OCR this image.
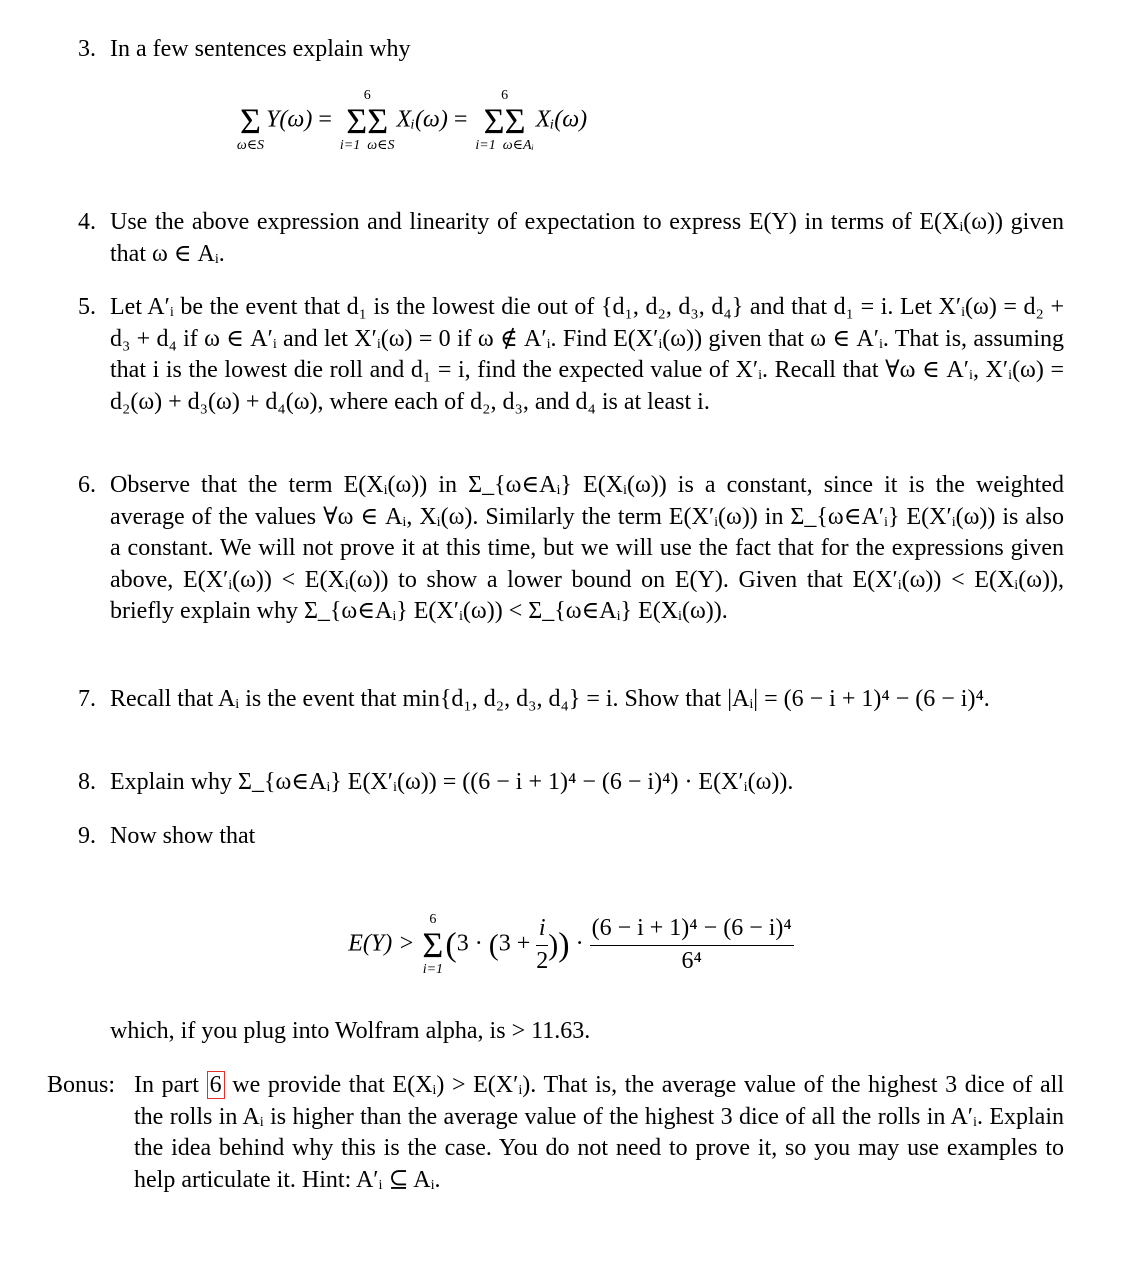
3. In a few sentences explain why

Σ
ω∈S
Y(ω) =
6
ΣΣ
i=1 ω∈S
Xᵢ(ω) =
6
ΣΣ
i=1 ω∈Aᵢ
Xᵢ(ω)
4. Use the above expression and linearity of expectation to express E(Y) in terms of E(Xᵢ(ω)) given that ω ∈ Aᵢ.
5. Let A′ᵢ be the event that d₁ is the lowest die out of {d₁, d₂, d₃, d₄} and that d₁ = i. Let X′ᵢ(ω) = d₂ + d₃ + d₄ if ω ∈ A′ᵢ and let X′ᵢ(ω) = 0 if ω ∉ A′ᵢ. Find E(X′ᵢ(ω)) given that ω ∈ A′ᵢ. That is, assuming that i is the lowest die roll and d₁ = i, find the expected value of X′ᵢ. Recall that ∀ω ∈ A′ᵢ, X′ᵢ(ω) = d₂(ω) + d₃(ω) + d₄(ω), where each of d₂, d₃, and d₄ is at least i.
6. Observe that the term E(Xᵢ(ω)) in Σ_{ω∈Aᵢ} E(Xᵢ(ω)) is a constant, since it is the weighted average of the values ∀ω ∈ Aᵢ, Xᵢ(ω). Similarly the term E(X′ᵢ(ω)) in Σ_{ω∈A′ᵢ} E(X′ᵢ(ω)) is also a constant. We will not prove it at this time, but we will use the fact that for the expressions given above, E(X′ᵢ(ω)) < E(Xᵢ(ω)) to show a lower bound on E(Y). Given that E(X′ᵢ(ω)) < E(Xᵢ(ω)), briefly explain why Σ_{ω∈Aᵢ} E(X′ᵢ(ω)) < Σ_{ω∈Aᵢ} E(Xᵢ(ω)).
7. Recall that Aᵢ is the event that min{d₁, d₂, d₃, d₄} = i. Show that |Aᵢ| = (6 − i + 1)⁴ − (6 − i)⁴.
8. Explain why Σ_{ω∈Aᵢ} E(X′ᵢ(ω)) = ((6 − i + 1)⁴ − (6 − i)⁴) · E(X′ᵢ(ω)).
9. Now show that
E(Y) >
6
Σ
i=1
($3 \cdot (3 + \frac{i}{2}$ )) · $\frac{\text{(6 − i + 1)⁴ − (6 − i)⁴}}{\text{6⁴}}$
which, if you plug into Wolfram alpha, is > 11.63.
Bonus: In part 6 we provide that E(Xᵢ) > E(X′ᵢ). That is, the average value of the highest 3 dice of all the rolls in Aᵢ is higher than the average value of the highest 3 dice of all the rolls in A′ᵢ. Explain the idea behind why this is the case. You do not need to prove it, so you may use examples to help articulate it. Hint: A′ᵢ ⊆ Aᵢ.
